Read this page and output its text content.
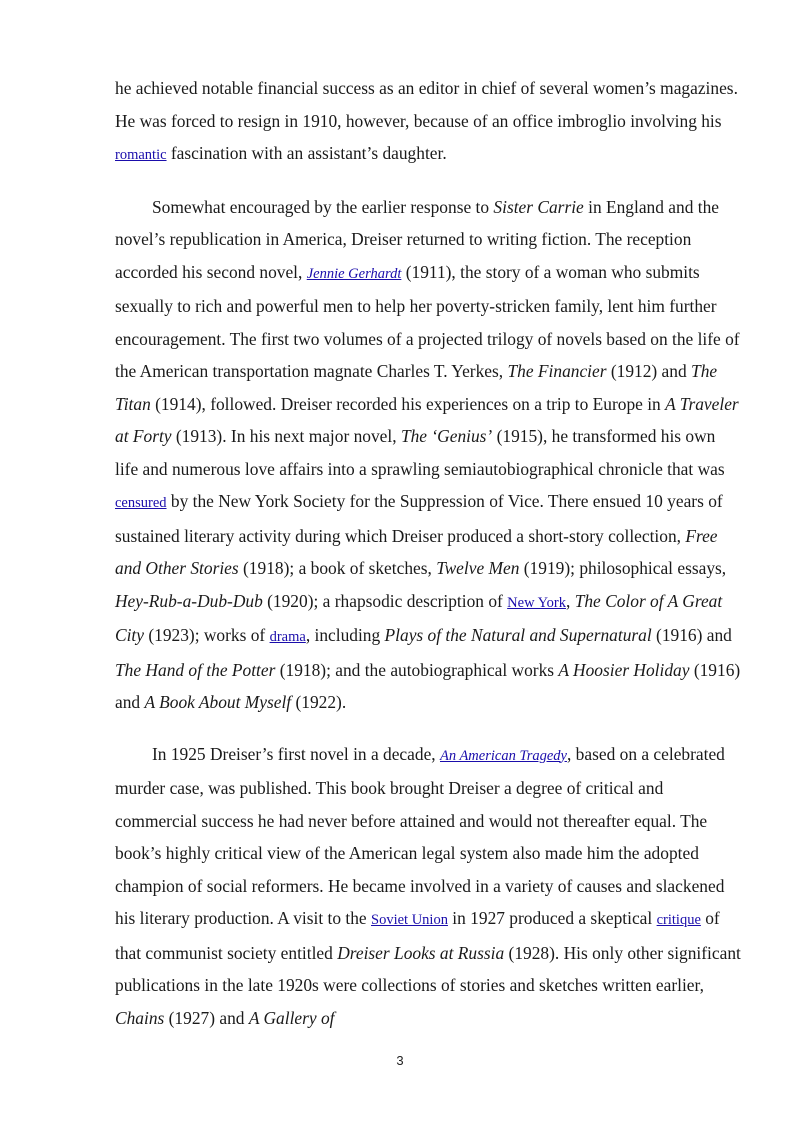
he achieved notable financial success as an editor in chief of several women’s magazines. He was forced to resign in 1910, however, because of an office imbroglio involving his romantic fascination with an assistant’s daughter.

Somewhat encouraged by the earlier response to Sister Carrie in England and the novel’s republication in America, Dreiser returned to writing fiction. The reception accorded his second novel, Jennie Gerhardt (1911), the story of a woman who submits sexually to rich and powerful men to help her poverty-stricken family, lent him further encouragement. The first two volumes of a projected trilogy of novels based on the life of the American transportation magnate Charles T. Yerkes, The Financier (1912) and The Titan (1914), followed. Dreiser recorded his experiences on a trip to Europe in A Traveler at Forty (1913). In his next major novel, The ‘Genius’ (1915), he transformed his own life and numerous love affairs into a sprawling semiautobiographical chronicle that was censured by the New York Society for the Suppression of Vice. There ensued 10 years of sustained literary activity during which Dreiser produced a short-story collection, Free and Other Stories (1918); a book of sketches, Twelve Men (1919); philosophical essays, Hey-Rub-a-Dub-Dub (1920); a rhapsodic description of New York, The Color of A Great City (1923); works of drama, including Plays of the Natural and Supernatural (1916) and The Hand of the Potter (1918); and the autobiographical works A Hoosier Holiday (1916) and A Book About Myself (1922).

In 1925 Dreiser’s first novel in a decade, An American Tragedy, based on a celebrated murder case, was published. This book brought Dreiser a degree of critical and commercial success he had never before attained and would not thereafter equal. The book’s highly critical view of the American legal system also made him the adopted champion of social reformers. He became involved in a variety of causes and slackened his literary production. A visit to the Soviet Union in 1927 produced a skeptical critique of that communist society entitled Dreiser Looks at Russia (1928). His only other significant publications in the late 1920s were collections of stories and sketches written earlier, Chains (1927) and A Gallery of

3
